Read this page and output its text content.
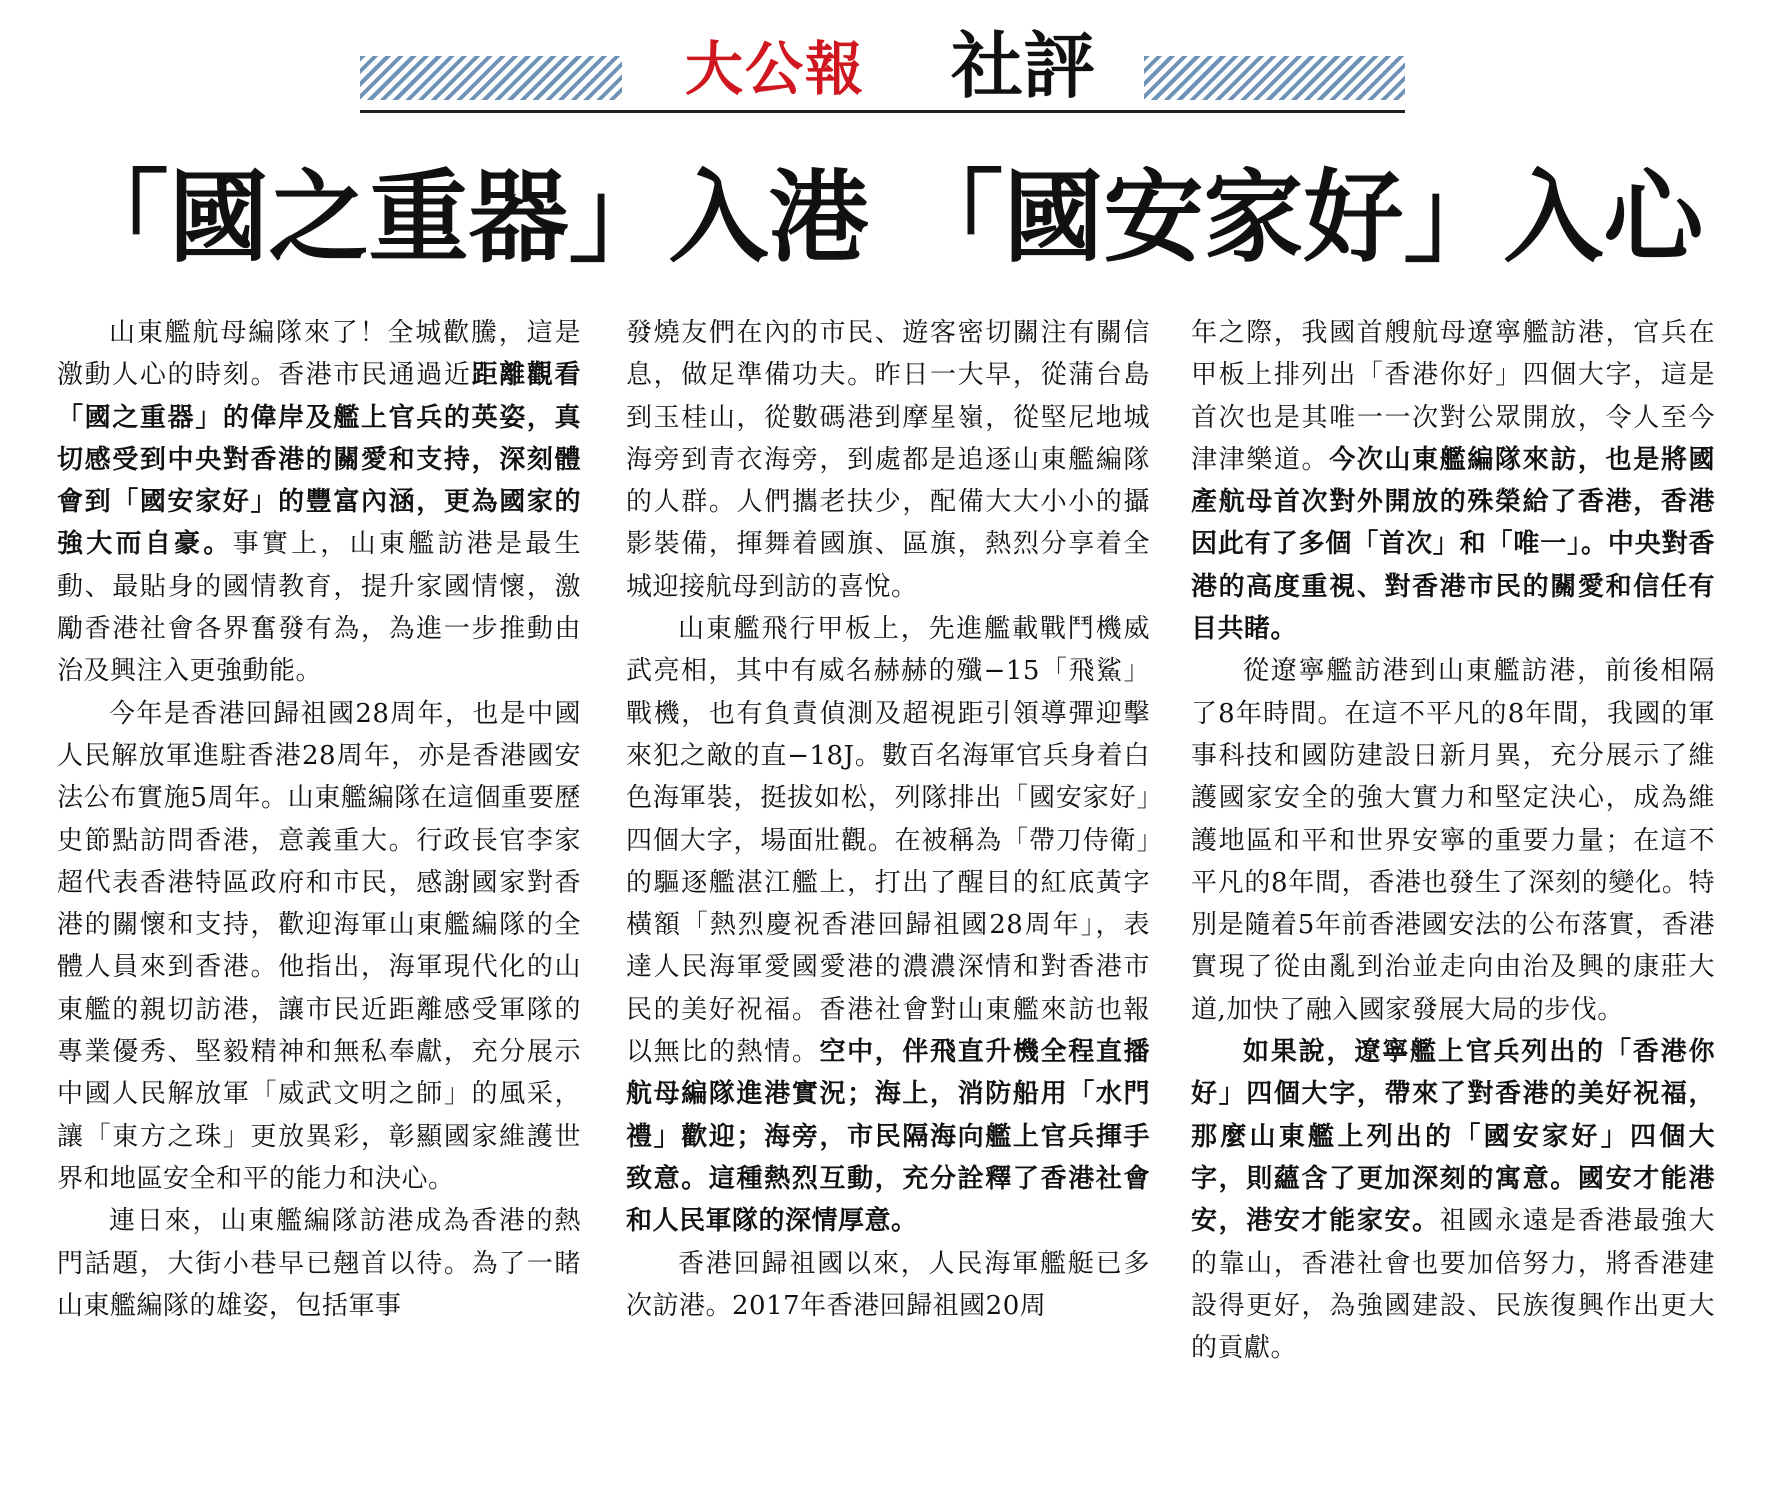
大公報	社評
「國之重器」入港 「國安家好」入心

山東艦航母編隊來了！全城歡騰，這是激動人心的時刻。香港市民通過近距離觀看「國之重器」的偉岸及艦上官兵的英姿，真切感受到中央對香港的關愛和支持，深刻體會到「國安家好」的豐富內涵，更為國家的強大而自豪。事實上，山東艦訪港是最生動、最貼身的國情教育，提升家國情懷，激勵香港社會各界奮發有為，為進一步推動由治及興注入更強動能。

今年是香港回歸祖國28周年，也是中國人民解放軍進駐香港28周年，亦是香港國安法公布實施5周年。山東艦編隊在這個重要歷史節點訪問香港，意義重大。行政長官李家超代表香港特區政府和市民，感謝國家對香港的關懷和支持，歡迎海軍山東艦編隊的全體人員來到香港。他指出，海軍現代化的山東艦的親切訪港，讓市民近距離感受軍隊的專業優秀、堅毅精神和無私奉獻，充分展示中國人民解放軍「威武文明之師」的風采，讓「東方之珠」更放異彩，彰顯國家維護世界和地區安全和平的能力和決心。

連日來，山東艦編隊訪港成為香港的熱門話題，大街小巷早已翹首以待。為了一睹山東艦編隊的雄姿，包括軍事

發燒友們在內的市民、遊客密切關注有關信息，做足準備功夫。昨日一大早，從蒲台島到玉桂山，從數碼港到摩星嶺，從堅尼地城海旁到青衣海旁，到處都是追逐山東艦編隊的人群。人們攜老扶少，配備大大小小的攝影裝備，揮舞着國旗、區旗，熱烈分享着全城迎接航母到訪的喜悅。

山東艦飛行甲板上，先進艦載戰鬥機威武亮相，其中有威名赫赫的殲−15「飛鯊」戰機，也有負責偵測及超視距引領導彈迎擊來犯之敵的直−18J。數百名海軍官兵身着白色海軍裝，挺拔如松，列隊排出「國安家好」四個大字，場面壯觀。在被稱為「帶刀侍衛」的驅逐艦湛江艦上，打出了醒目的紅底黃字橫額「熱烈慶祝香港回歸祖國28周年」，表達人民海軍愛國愛港的濃濃深情和對香港市民的美好祝福。香港社會對山東艦來訪也報以無比的熱情。空中，伴飛直升機全程直播航母編隊進港實況；海上，消防船用「水門禮」歡迎；海旁，市民隔海向艦上官兵揮手致意。這種熱烈互動，充分詮釋了香港社會和人民軍隊的深情厚意。

香港回歸祖國以來，人民海軍艦艇已多次訪港。2017年香港回歸祖國20周

年之際，我國首艘航母遼寧艦訪港，官兵在甲板上排列出「香港你好」四個大字，這是首次也是其唯一一次對公眾開放，令人至今津津樂道。今次山東艦編隊來訪，也是將國產航母首次對外開放的殊榮給了香港，香港因此有了多個「首次」和「唯一」。中央對香港的高度重視、對香港市民的關愛和信任有目共睹。

從遼寧艦訪港到山東艦訪港，前後相隔了8年時間。在這不平凡的8年間，我國的軍事科技和國防建設日新月異，充分展示了維護國家安全的強大實力和堅定決心，成為維護地區和平和世界安寧的重要力量；在這不平凡的8年間，香港也發生了深刻的變化。特別是隨着5年前香港國安法的公布落實，香港實現了從由亂到治並走向由治及興的康莊大道,加快了融入國家發展大局的步伐。

如果說，遼寧艦上官兵列出的「香港你好」四個大字，帶來了對香港的美好祝福，那麼山東艦上列出的「國安家好」四個大字，則蘊含了更加深刻的寓意。國安才能港安，港安才能家安。祖國永遠是香港最強大的靠山，香港社會也要加倍努力，將香港建設得更好，為強國建設、民族復興作出更大的貢獻。
